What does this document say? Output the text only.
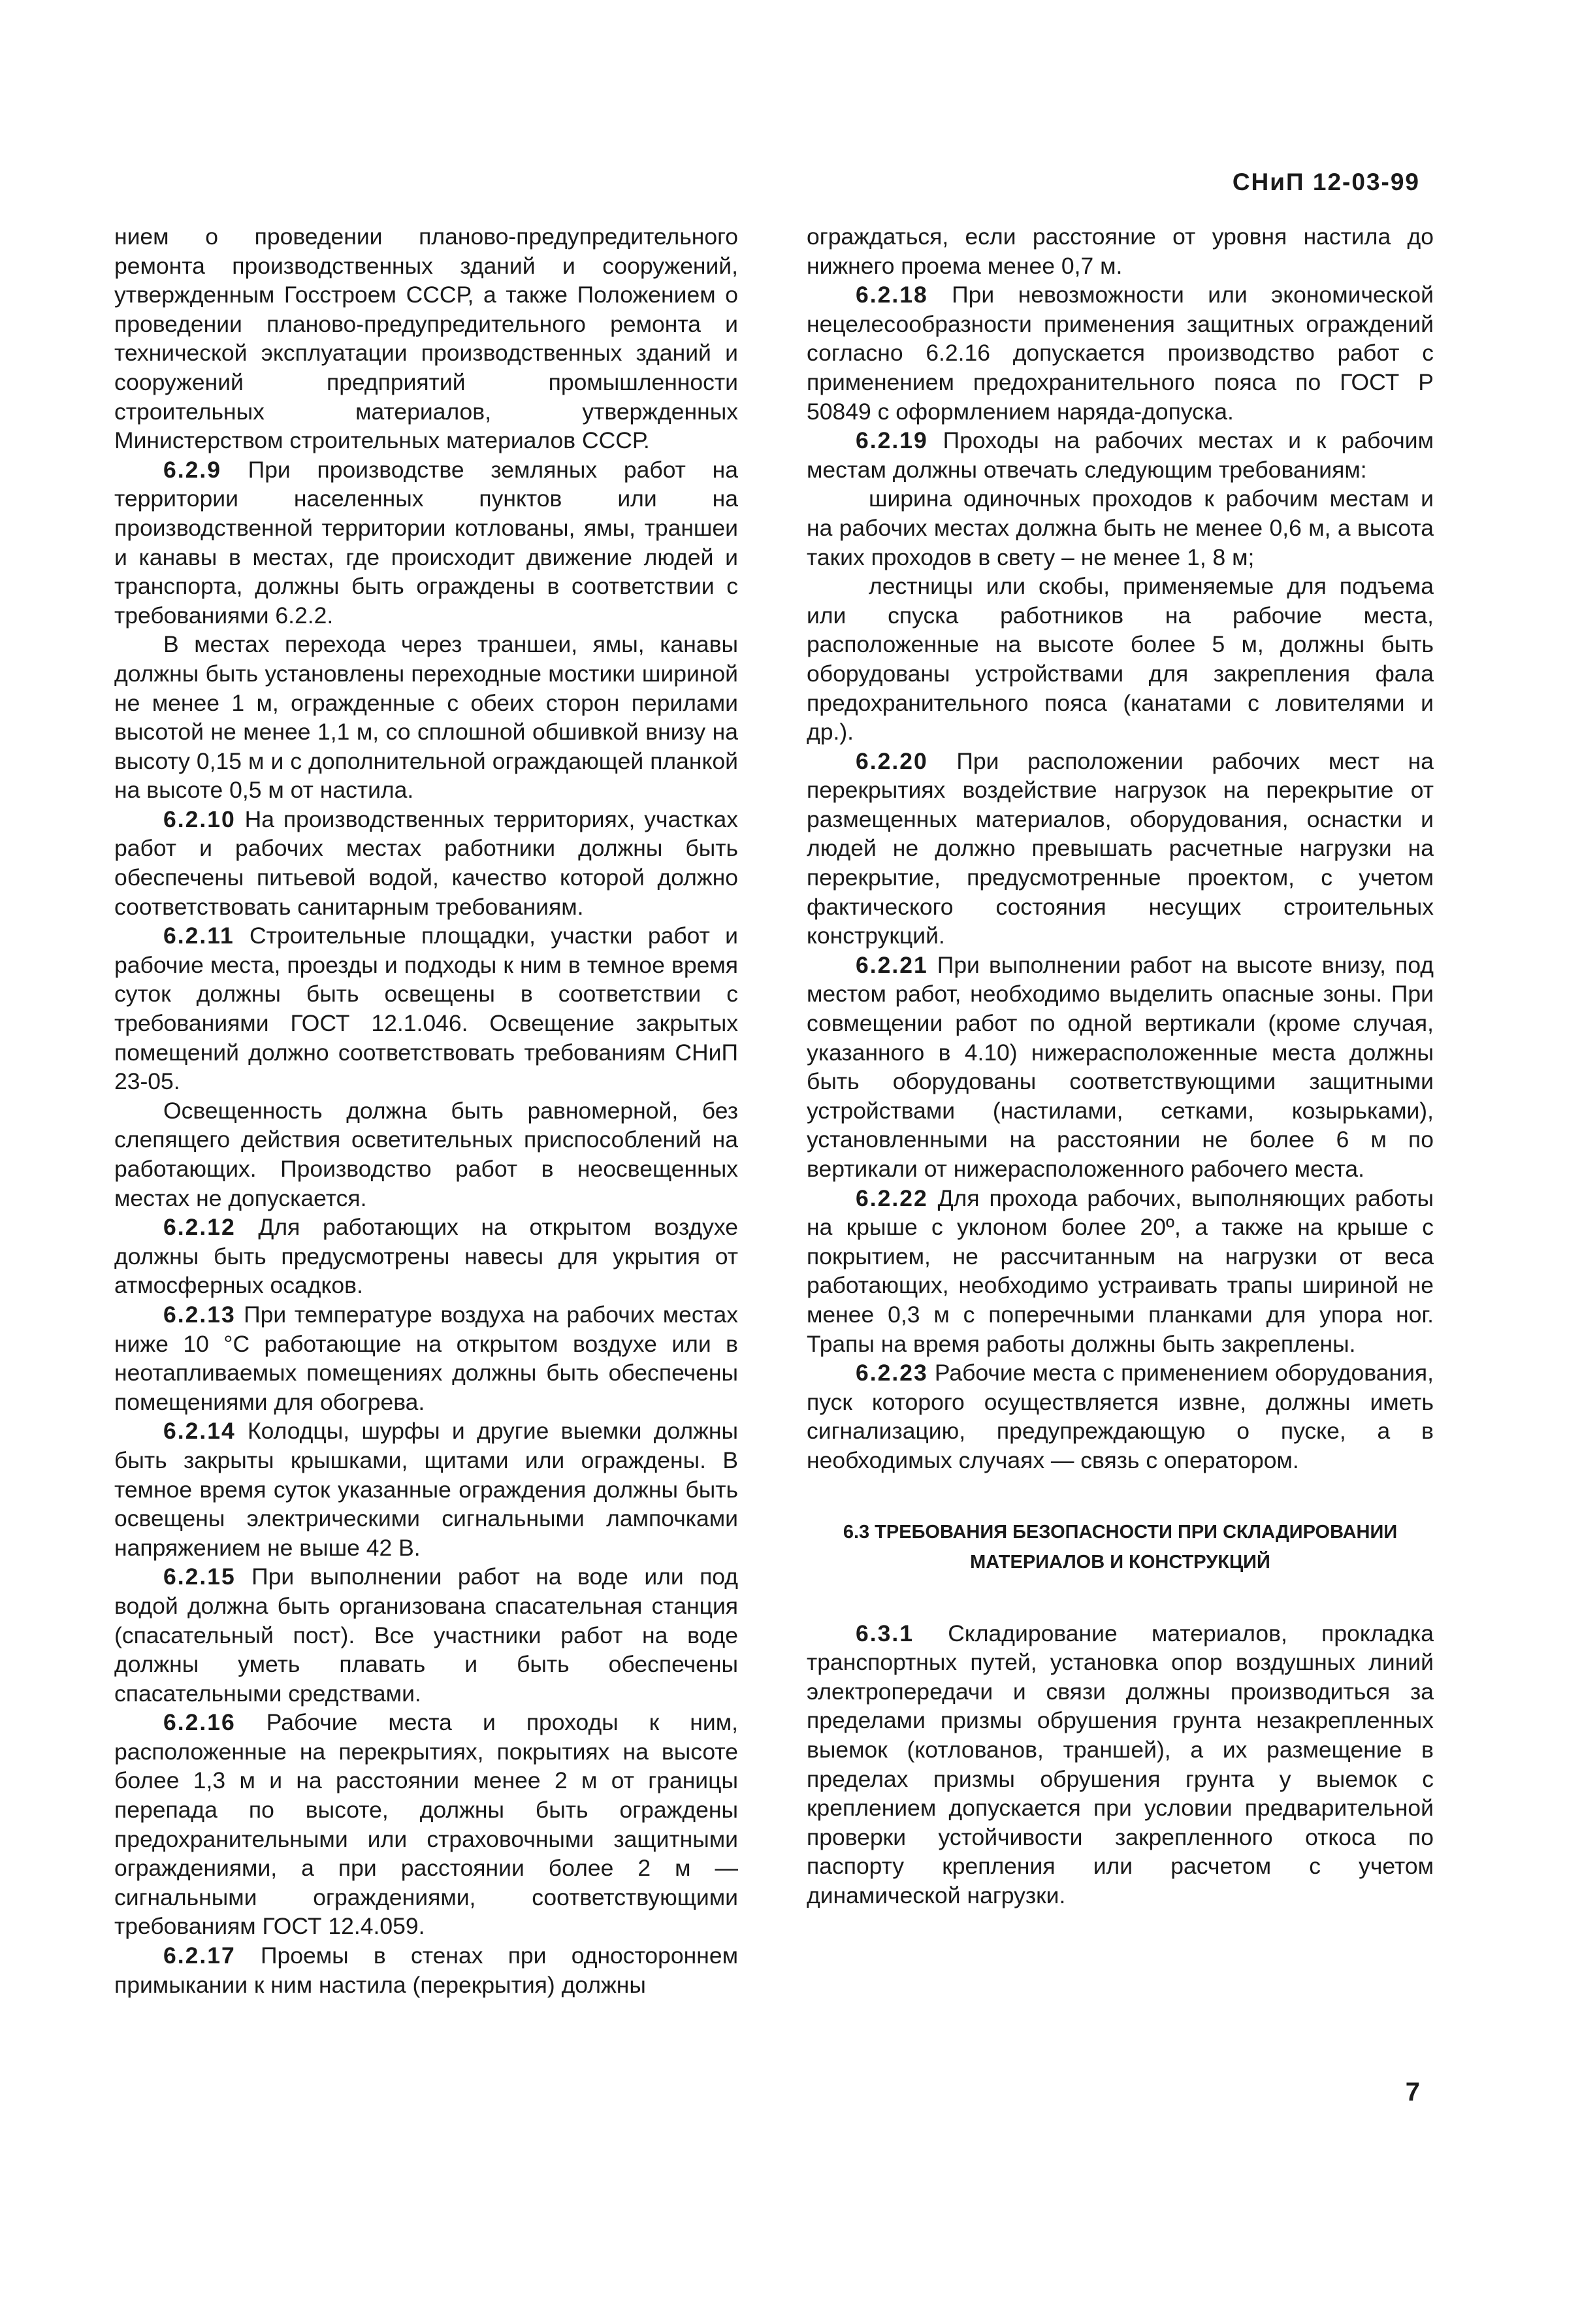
СНиП 12-03-99

нием о проведении планово-предупредительного ремонта производственных зданий и сооружений, утвержденным Госстроем СССР, а также Положением о проведении планово-предупредительного ремонта и технической эксплуатации производственных зданий и сооружений предприятий промышленности строительных материалов, утвержденных Министерством строительных материалов СССР.

6.2.9 При производстве земляных работ на территории населенных пунктов или на производственной территории котлованы, ямы, траншеи и канавы в местах, где происходит движение людей и транспорта, должны быть ограждены в соответствии с требованиями 6.2.2.

В местах перехода через траншеи, ямы, канавы должны быть установлены переходные мостики шириной не менее 1 м, огражденные с обеих сторон перилами высотой не менее 1,1 м, со сплошной обшивкой внизу на высоту 0,15 м и с дополнительной ограждающей планкой на высоте 0,5 м от настила.

6.2.10 На производственных территориях, участках работ и рабочих местах работники должны быть обеспечены питьевой водой, качество которой должно соответствовать санитарным требованиям.

6.2.11 Строительные площадки, участки работ и рабочие места, проезды и подходы к ним в темное время суток должны быть освещены в соответствии с требованиями ГОСТ 12.1.046. Освещение закрытых помещений должно соответствовать требованиям СНиП 23-05.

Освещенность должна быть равномерной, без слепящего действия осветительных приспособлений на работающих. Производство работ в неосвещенных местах не допускается.

6.2.12 Для работающих на открытом воздухе должны быть предусмотрены навесы для укрытия от атмосферных осадков.

6.2.13 При температуре воздуха на рабочих местах ниже 10 °С работающие на открытом воздухе или в неотапливаемых помещениях должны быть обеспечены помещениями для обогрева.

6.2.14 Колодцы, шурфы и другие выемки должны быть закрыты крышками, щитами или ограждены. В темное время суток указанные ограждения должны быть освещены электрическими сигнальными лампочками напряжением не выше 42 В.

6.2.15 При выполнении работ на воде или под водой должна быть организована спасательная станция (спасательный пост). Все участники работ на воде должны уметь плавать и быть обеспечены спасательными средствами.

6.2.16 Рабочие места и проходы к ним, расположенные на перекрытиях, покрытиях на высоте более 1,3 м и на расстоянии менее 2 м от границы перепада по высоте, должны быть ограждены предохранительными или страховочными защитными ограждениями, а при расстоянии более 2 м — сигнальными ограждениями, соответствующими требованиям ГОСТ 12.4.059.

6.2.17 Проемы в стенах при одностороннем примыкании к ним настила (перекрытия) должны

ограждаться, если расстояние от уровня настила до нижнего проема менее 0,7 м.

6.2.18 При невозможности или экономической нецелесообразности применения защитных ограждений согласно 6.2.16 допускается производство работ с применением предохранительного пояса по ГОСТ Р 50849 с оформлением наряда-допуска.

6.2.19 Проходы на рабочих местах и к рабочим местам должны отвечать следующим требованиям:

ширина одиночных проходов к рабочим местам и на рабочих местах должна быть не менее 0,6 м, а высота таких проходов в свету – не менее 1, 8 м;

лестницы или скобы, применяемые для подъема или спуска работников на рабочие места, расположенные на высоте более 5 м, должны быть оборудованы устройствами для закрепления фала предохранительного пояса (канатами с ловителями и др.).

6.2.20 При расположении рабочих мест на перекрытиях воздействие нагрузок на перекрытие от размещенных материалов, оборудования, оснастки и людей не должно превышать расчетные нагрузки на перекрытие, предусмотренные проектом, с учетом фактического состояния несущих строительных конструкций.

6.2.21 При выполнении работ на высоте внизу, под местом работ, необходимо выделить опасные зоны. При совмещении работ по одной вертикали (кроме случая, указанного в 4.10) нижерасположенные места должны быть оборудованы соответствующими защитными устройствами (настилами, сетками, козырьками), установленными на расстоянии не более 6 м по вертикали от нижерасположенного рабочего места.

6.2.22 Для прохода рабочих, выполняющих работы на крыше с уклоном более 20º, а также на крыше с покрытием, не рассчитанным на нагрузки от веса работающих, необходимо устраивать трапы шириной не менее 0,3 м с поперечными планками для упора ног. Трапы на время работы должны быть закреплены.

6.2.23 Рабочие места с применением оборудования, пуск которого осуществляется извне, должны иметь сигнализацию, предупреждающую о пуске, а в необходимых случаях — связь с оператором.

6.3 ТРЕБОВАНИЯ БЕЗОПАСНОСТИ ПРИ СКЛАДИРОВАНИИ
МАТЕРИАЛОВ И КОНСТРУКЦИЙ

6.3.1 Складирование материалов, прокладка транспортных путей, установка опор воздушных линий электропередачи и связи должны производиться за пределами призмы обрушения грунта незакрепленных выемок (котлованов, траншей), а их размещение в пределах призмы обрушения грунта у выемок с креплением допускается при условии предварительной проверки устойчивости закрепленного откоса по паспорту крепления или расчетом с учетом динамической нагрузки.

7
